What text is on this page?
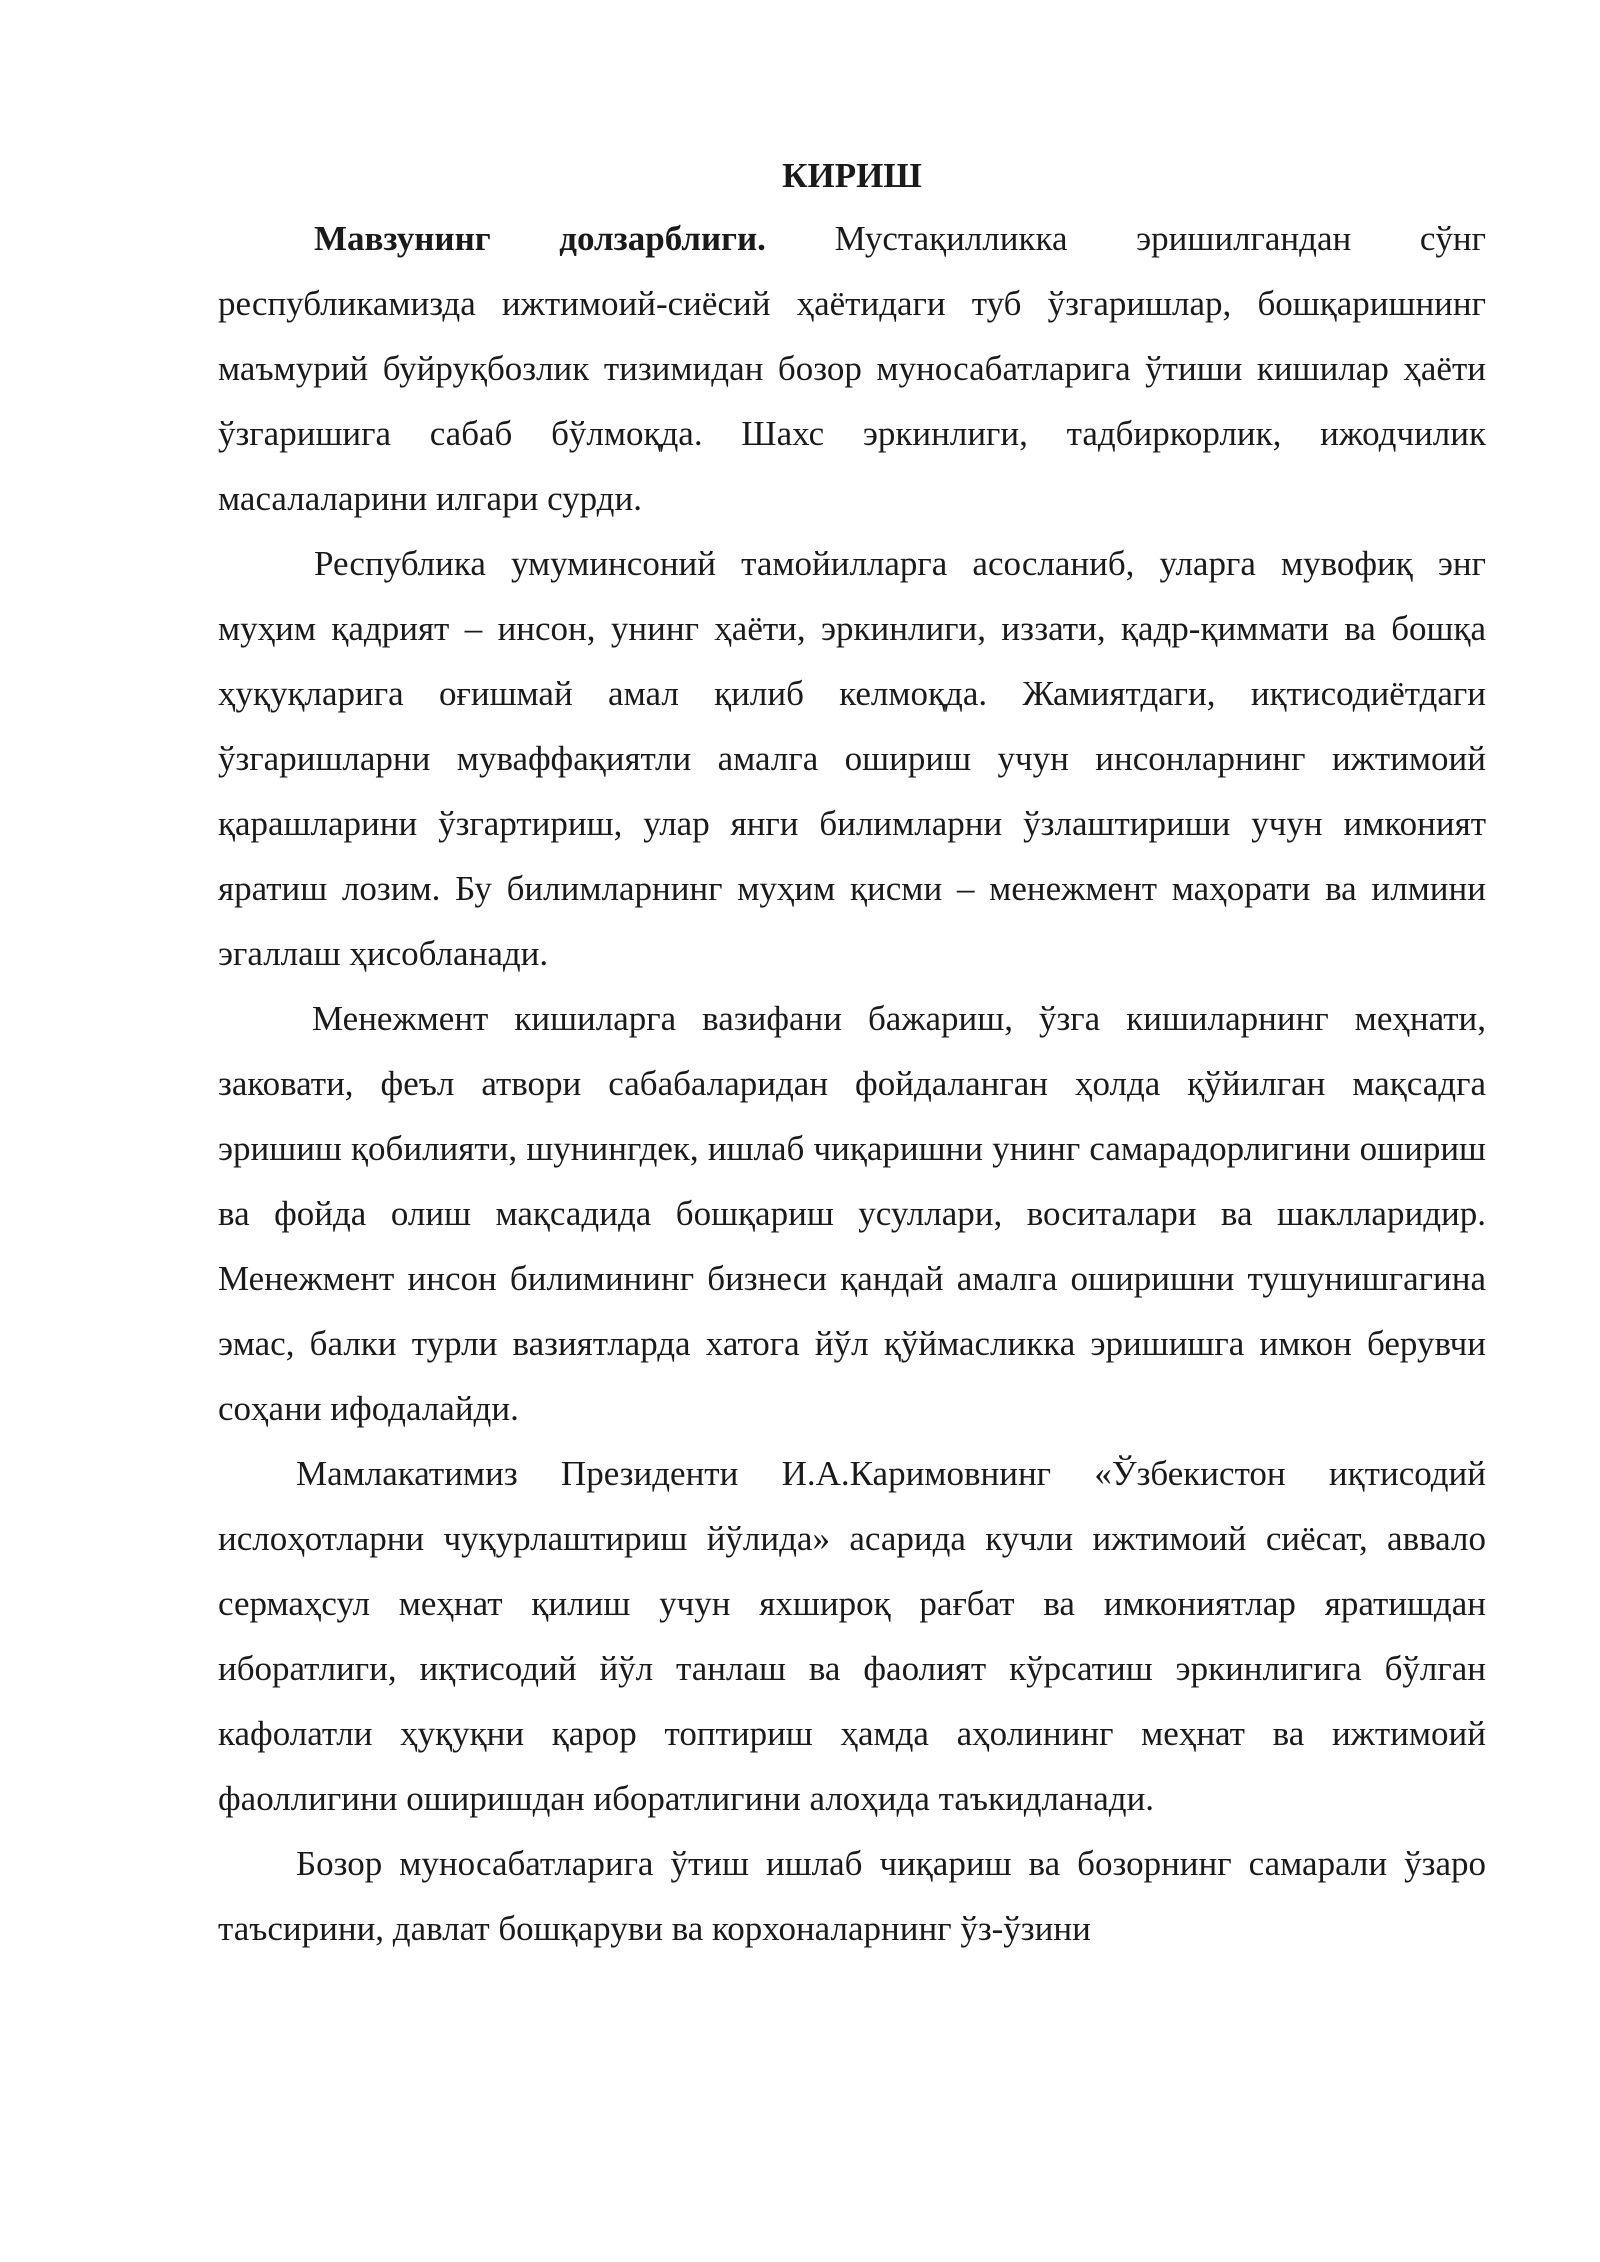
КИРИШ

Мавзунинг долзарблиги. Мустақилликка эришилгандан сўнг республикамизда ижтимоий-сиёсий ҳаётидаги туб ўзгаришлар, бошқаришнинг маъмурий буйруқбозлик тизимидан бозор муносабатларига ўтиши кишилар ҳаёти ўзгаришига сабаб бўлмоқда. Шахс эркинлиги, тадбиркорлик, ижодчилик масалаларини илгари сурди.

Республика умуминсоний тамойилларга асосланиб, уларга мувофиқ энг муҳим қадрият – инсон, унинг ҳаёти, эркинлиги, иззати, қадр-қиммати ва бошқа ҳуқуқларига оғишмай амал қилиб келмоқда. Жамиятдаги, иқтисодиётдаги ўзгаришларни муваффақиятли амалга ошириш учун инсонларнинг ижтимоий қарашларини ўзгартириш, улар янги билимларни ўзлаштириши учун имконият яратиш лозим. Бу билимларнинг муҳим қисми – менежмент маҳорати ва илмини эгаллаш ҳисобланади.

Менежмент кишиларга вазифани бажариш, ўзга кишиларнинг меҳнати, заковати, феъл атвори сабабаларидан фойдаланган ҳолда қўйилган мақсадга эришиш қобилияти, шунингдек, ишлаб чиқаришни унинг самарадорлигини ошириш ва фойда олиш мақсадида бошқариш усуллари, воситалари ва шаклларидир. Менежмент инсон билимининг бизнеси қандай амалга оширишни тушунишгагина эмас, балки турли вазиятларда хатога йўл қўймасликка эришишга имкон берувчи соҳани ифодалайди.

Мамлакатимиз Президенти И.А.Каримовнинг «Ўзбекистон иқтисодий ислоҳотларни чуқурлаштириш йўлида» асарида кучли ижтимоий сиёсат, аввало сермаҳсул меҳнат қилиш учун яхшироқ рағбат ва имкониятлар яратишдан иборатлиги, иқтисодий йўл танлаш ва фаолият кўрсатиш эркинлигига бўлган кафолатли ҳуқуқни қарор топтириш ҳамда аҳолининг меҳнат ва ижтимоий фаоллигини оширишдан иборатлигини алоҳида таъкидланади.

Бозор муносабатларига ўтиш ишлаб чиқариш ва бозорнинг самарали ўзаро таъсирини, давлат бошқаруви ва корхоналарнинг ўз-ўзини
